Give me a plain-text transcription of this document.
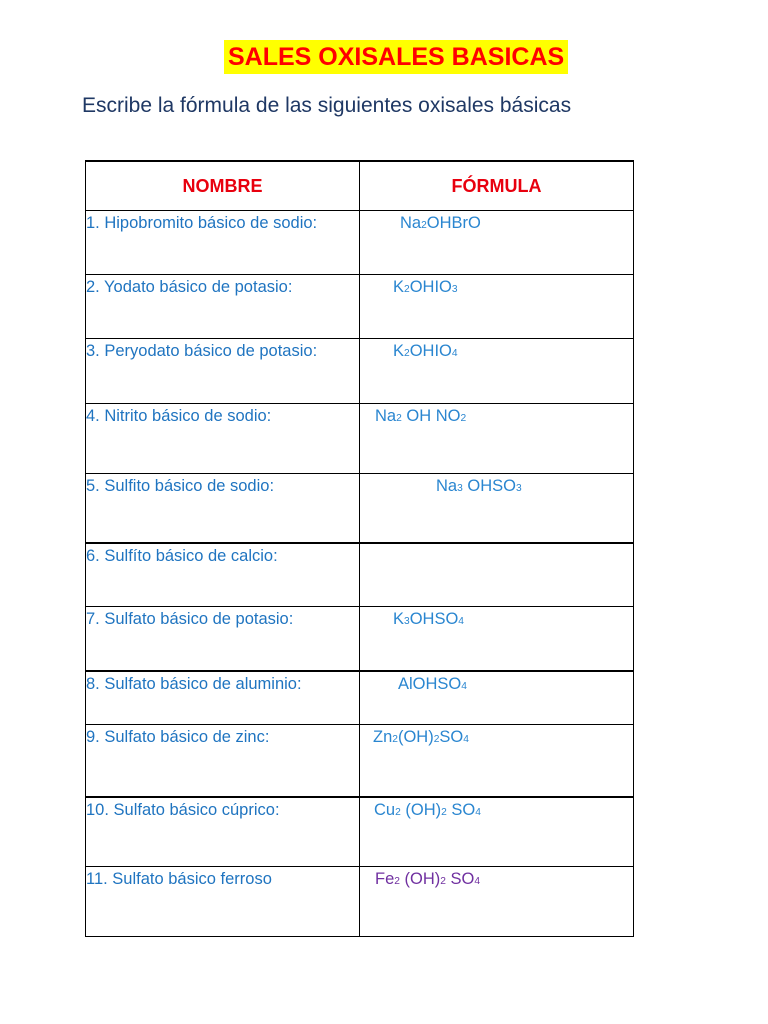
SALES OXISALES BASICAS
Escribe la fórmula de las siguientes oxisales básicas
NOMBRE	FÓRMULA
1. Hipobromito básico de sodio:	Na2OHBrO
2. Yodato básico de potasio:	K2OHIO3
3. Peryodato básico de potasio:	K2OHIO4
4. Nitrito básico de sodio:	Na2 OH NO2
5. Sulfito básico de sodio:	Na3 OHSO3
6. Sulfíto básico de calcio:	
7. Sulfato básico de potasio:	K3OHSO4
8. Sulfato básico de aluminio:	AlOHSO4
9. Sulfato básico de zinc:	Zn2(OH)2SO4
10. Sulfato básico cúprico:	Cu2 (OH)2 SO4
11. Sulfato básico ferroso	Fe2 (OH)2 SO4
